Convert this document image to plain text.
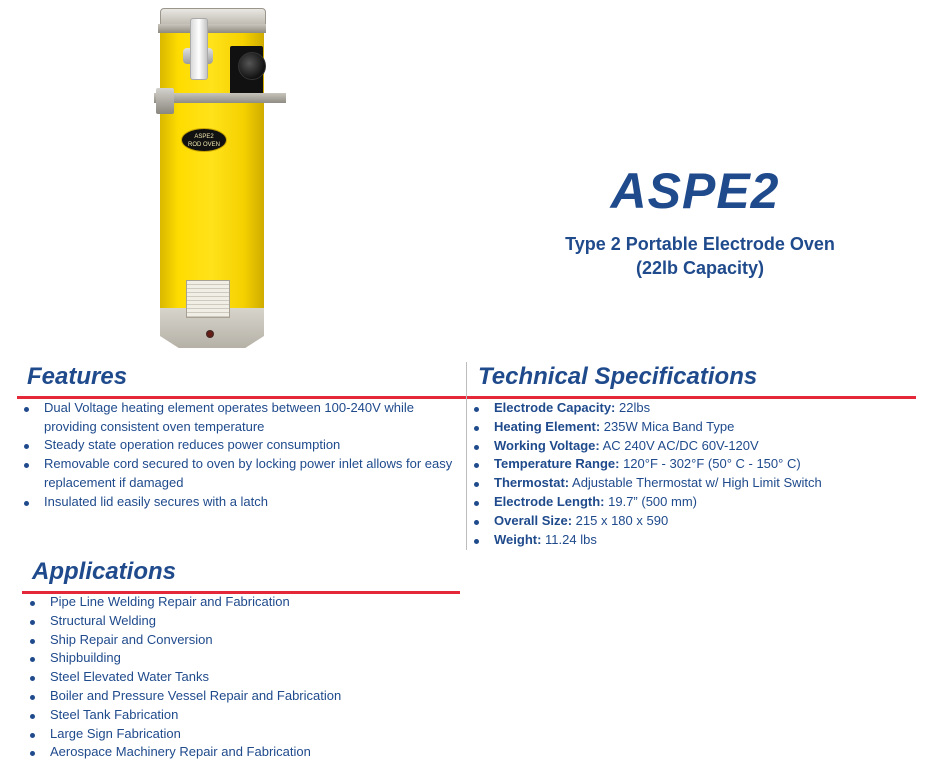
ASPE2
ROD OVEN
ASPE2
Type 2 Portable Electrode Oven
(22lb Capacity)
Features
Dual Voltage heating element operates between 100-240V while providing consistent oven temperature
Steady state operation reduces power consumption
Removable cord secured to oven by locking power inlet allows for easy replacement if damaged
Insulated lid easily secures with a latch
Technical Specifications
Electrode Capacity: 22lbs
Heating Element: 235W Mica Band Type
Working Voltage: AC 240V AC/DC 60V-120V
Temperature Range: 120°F - 302°F (50° C - 150° C)
Thermostat: Adjustable Thermostat w/ High Limit Switch
Electrode Length: 19.7” (500 mm)
Overall Size: 215 x 180 x 590
Weight: 11.24 lbs
Applications
Pipe Line Welding Repair and Fabrication
Structural Welding
Ship Repair and Conversion
Shipbuilding
Steel Elevated Water Tanks
Boiler and Pressure Vessel Repair and Fabrication
Steel Tank Fabrication
Large Sign Fabrication
Aerospace Machinery Repair and Fabrication
